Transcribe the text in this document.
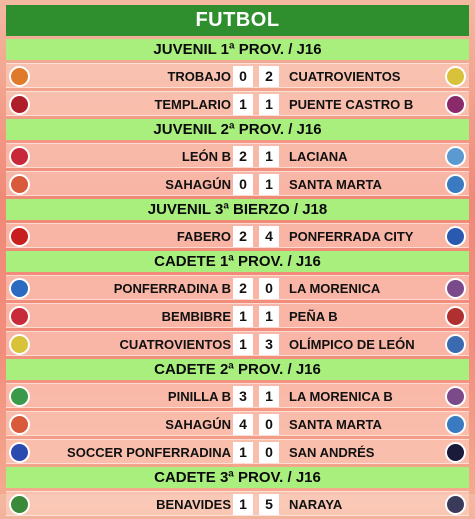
FUTBOL
JUVENIL 1ª PROV. / J16
TROBAJO 0	2	CUATROVIENTOS
TEMPLARIO 1	1	PUENTE CASTRO B
JUVENIL 2ª PROV. / J16
LEÓN B 2	1	LACIANA
SAHAGÚN 0	1	SANTA MARTA
JUVENIL 3ª BIERZO / J18
FABERO 2	4	PONFERRADA CITY
CADETE 1ª PROV. / J16
PONFERRADINA B 2	0	LA MORENICA
BEMBIBRE 1	1	PEÑA B
CUATROVIENTOS 1	3	OLÍMPICO DE LEÓN
CADETE 2ª PROV. / J16
PINILLA B 3	1	LA MORENICA B
SAHAGÚN 4	0	SANTA MARTA
SOCCER PONFERRADINA 1	0	SAN ANDRÉS
CADETE 3ª PROV. / J16
BENAVIDES 1	5	NARAYA
